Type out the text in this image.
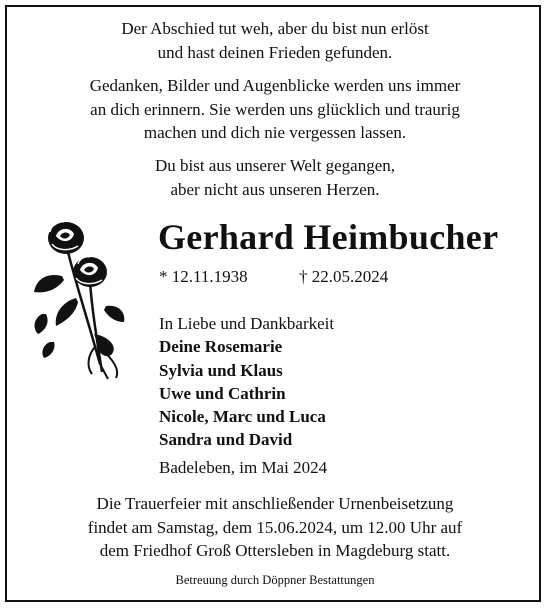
Der Abschied tut weh, aber du bist nun erlöst
und hast deinen Frieden gefunden.
Gedanken, Bilder und Augenblicke werden uns immer
an dich erinnern. Sie werden uns glücklich und traurig
machen und dich nie vergessen lassen.
Du bist aus unserer Welt gegangen,
aber nicht aus unseren Herzen.
Gerhard Heimbucher
* 12.11.1938	† 22.05.2024
In Liebe und Dankbarkeit
Deine Rosemarie
Sylvia und Klaus
Uwe und Cathrin
Nicole, Marc und Luca
Sandra und David
Badeleben, im Mai 2024
Die Trauerfeier mit anschließender Urnenbeisetzung
findet am Samstag, dem 15.06.2024, um 12.00 Uhr auf
dem Friedhof Groß Ottersleben in Magdeburg statt.
Betreuung durch Döppner Bestattungen
